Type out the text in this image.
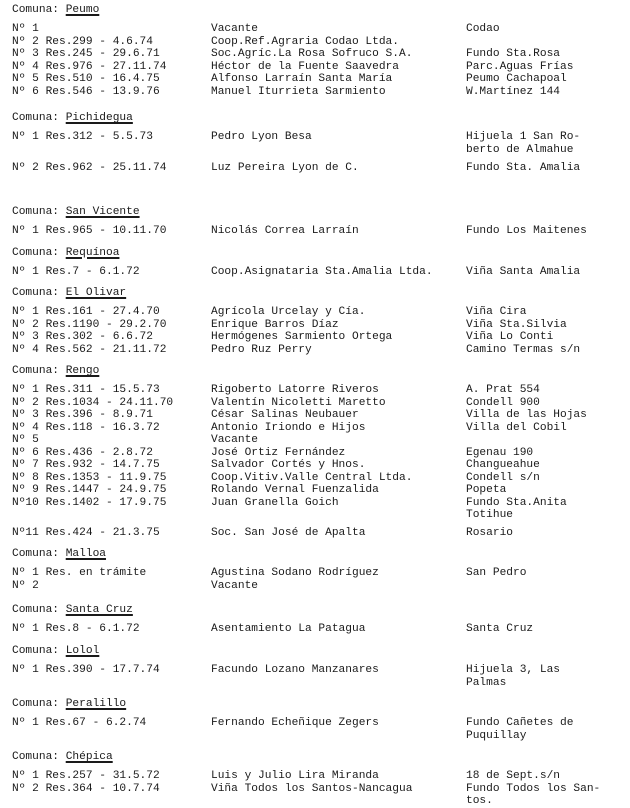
Comuna: Peumo
Nº 1	Vacante	Codao
Nº 2 Res.299 - 4.6.74	Coop.Ref.Agraria Codao Ltda.
Nº 3 Res.245 - 29.6.71	Soc.Agríc.La Rosa Sofruco S.A.	Fundo Sta.Rosa
Nº 4 Res.976 - 27.11.74	Héctor de la Fuente Saavedra	Parc.Aguas Frías
Nº 5 Res.510 - 16.4.75	Alfonso Larraín Santa María	Peumo Cachapoal
Nº 6 Res.546 - 13.9.76	Manuel Iturrieta Sarmiento	W.Martínez 144
Comuna: Pichidegua
Nº 1 Res.312 - 5.5.73	Pedro Lyon Besa	Hijuela 1 San Ro-
berto de Almahue
Nº 2 Res.962 - 25.11.74	Luz Pereira Lyon de C.	Fundo Sta. Amalia
Comuna: San Vicente
Nº 1 Res.965 - 10.11.70	Nicolás Correa Larraín	Fundo Los Maitenes
Comuna: Requínoa
Nº 1 Res.7 - 6.1.72	Coop.Asignataria Sta.Amalia Ltda.	Viña Santa Amalia
Comuna: El Olivar
Nº 1 Res.161 - 27.4.70	Agrícola Urcelay y Cía.	Viña Cira
Nº 2 Res.1190 - 29.2.70	Enrique Barros Díaz	Viña Sta.Silvia
Nº 3 Res.302 - 6.6.72	Hermógenes Sarmiento Ortega	Viña Lo Conti
Nº 4 Res.562 - 21.11.72	Pedro Ruz Perry	Camino Termas s/n
Comuna: Rengo
Nº 1 Res.311 - 15.5.73	Rigoberto Latorre Riveros	A. Prat 554
Nº 2 Res.1034 - 24.11.70	Valentín Nicoletti Maretto	Condell 900
Nº 3 Res.396 - 8.9.71	César Salinas Neubauer	Villa de las Hojas
Nº 4 Res.118 - 16.3.72	Antonio Iriondo e Hijos	Villa del Cobil
Nº 5	Vacante
Nº 6 Res.436 - 2.8.72	José Ortiz Fernández	Egenau 190
Nº 7 Res.932 - 14.7.75	Salvador Cortés y Hnos.	Changueahue
Nº 8 Res.1353 - 11.9.75	Coop.Vitiv.Valle Central Ltda.	Condell s/n
Nº 9 Res.1447 - 24.9.75	Rolando Vernal Fuenzalida	Popeta
Nº10 Res.1402 - 17.9.75	Juan Granella Goich	Fundo Sta.Anita
Totihue
Nº11 Res.424 - 21.3.75	Soc. San José de Apalta	Rosario
Comuna: Malloa
Nº 1 Res. en trámite	Agustina Sodano Rodríguez	San Pedro
Nº 2	Vacante
Comuna: Santa Cruz
Nº 1 Res.8 - 6.1.72	Asentamiento La Patagua	Santa Cruz
Comuna: Lolol
Nº 1 Res.390 - 17.7.74	Facundo Lozano Manzanares	Hijuela 3, Las
Palmas
Comuna: Peralillo
Nº 1 Res.67 - 6.2.74	Fernando Echeñique Zegers	Fundo Cañetes de
Puquillay
Comuna: Chépica
Nº 1 Res.257 - 31.5.72	Luis y Julio Lira Miranda	18 de Sept.s/n
Nº 2 Res.364 - 10.7.74	Viña Todos los Santos-Nancagua	Fundo Todos los San-
tos.
